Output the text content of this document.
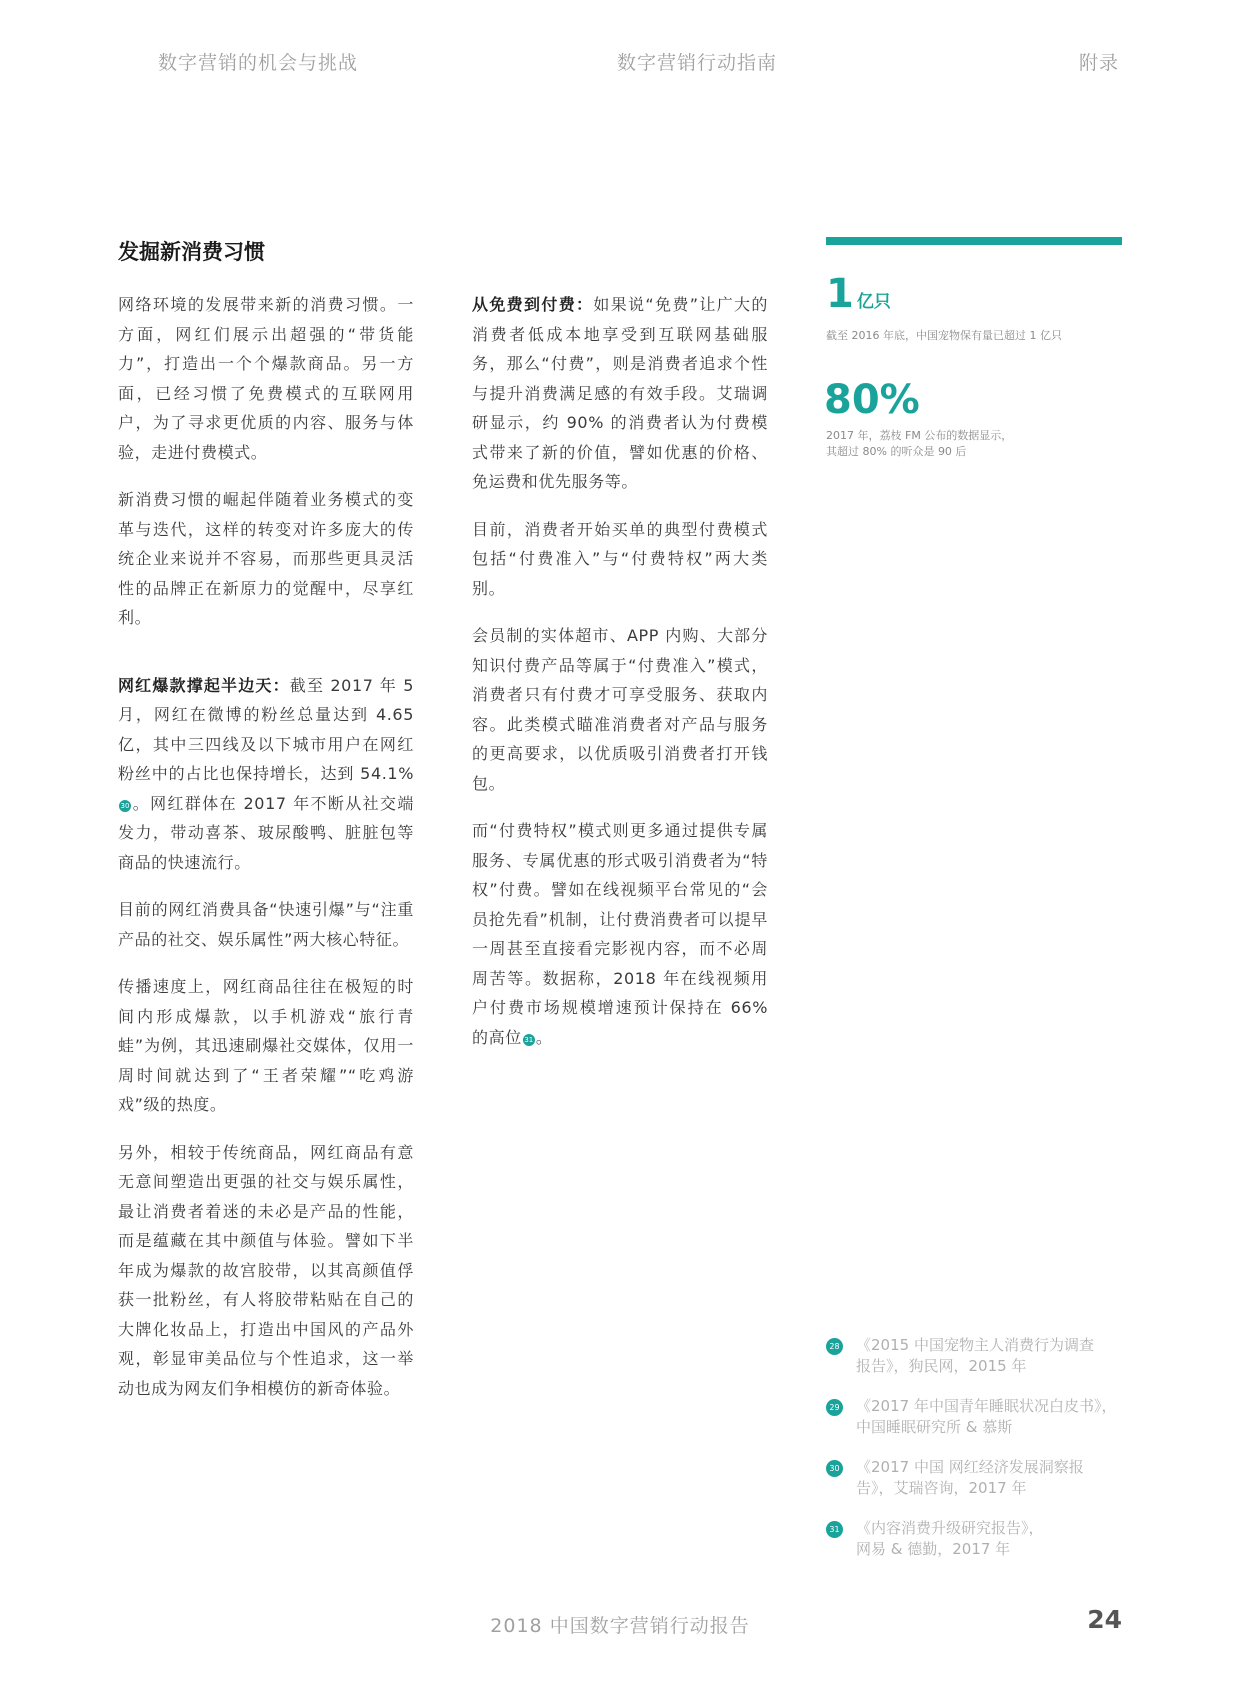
数字营销的机会与挑战	数字营销行动指南	附录
发掘新消费习惯

网络环境的发展带来新的消费习惯。一方面，网红们展示出超强的“带货能力”，打造出一个个爆款商品。另一方面，已经习惯了免费模式的互联网用户，为了寻求更优质的内容、服务与体验，走进付费模式。

新消费习惯的崛起伴随着业务模式的变革与迭代，这样的转变对许多庞大的传统企业来说并不容易，而那些更具灵活性的品牌正在新原力的觉醒中，尽享红利。

网红爆款撑起半边天：截至 2017 年 5 月，网红在微博的粉丝总量达到 4.65 亿，其中三四线及以下城市用户在网红粉丝中的占比也保持增长，达到 54.1%30 。网红群体在 2017 年不断从社交端发力，带动喜茶、玻尿酸鸭、脏脏包等商品的快速流行。

目前的网红消费具备“快速引爆”与“注重产品的社交、娱乐属性”两大核心特征。

传播速度上，网红商品往往在极短的时间内形成爆款，以手机游戏“旅行青蛙”为例，其迅速刷爆社交媒体，仅用一周时间就达到了“王者荣耀”“吃鸡游戏”级的热度。

另外，相较于传统商品，网红商品有意无意间塑造出更强的社交与娱乐属性，最让消费者着迷的未必是产品的性能，而是蕴藏在其中颜值与体验。譬如下半年成为爆款的故宫胶带，以其高颜值俘获一批粉丝，有人将胶带粘贴在自己的大牌化妆品上，打造出中国风的产品外观，彰显审美品位与个性追求，这一举动也成为网友们争相模仿的新奇体验。

从免费到付费：如果说“免费”让广大的消费者低成本地享受到互联网基础服务，那么“付费”，则是消费者追求个性与提升消费满足感的有效手段。艾瑞调研显示，约 90% 的消费者认为付费模式带来了新的价值，譬如优惠的价格、免运费和优先服务等。

目前，消费者开始买单的典型付费模式包括“付费准入”与“付费特权”两大类别。

会员制的实体超市、APP 内购、大部分知识付费产品等属于“付费准入”模式，消费者只有付费才可享受服务、获取内容。此类模式瞄准消费者对产品与服务的更高要求，以优质吸引消费者打开钱包。

而“付费特权”模式则更多通过提供专属服务、专属优惠的形式吸引消费者为“特权”付费。譬如在线视频平台常见的“会员抢先看”机制，让付费消费者可以提早一周甚至直接看完影视内容，而不必周周苦等。数据称，2018 年在线视频用户付费市场规模增速预计保持在 66% 的高位 31 。

1 亿只
截至 2016 年底，中国宠物保有量已超过 1 亿只
80%
2017 年，荔枝 FM 公布的数据显示，
其超过 80% 的听众是 90 后
28 《2015 中国宠物主人消费行为调查
报告》，狗民网，2015 年
29 《2017 年中国青年睡眠状况白皮书》，
中国睡眠研究所 & 慕斯
30 《2017 中国 网红经济发展洞察报
告》，艾瑞咨询，2017 年
31 《内容消费升级研究报告》，
网易 & 德勤，2017 年
2018 中国数字营销行动报告	24
